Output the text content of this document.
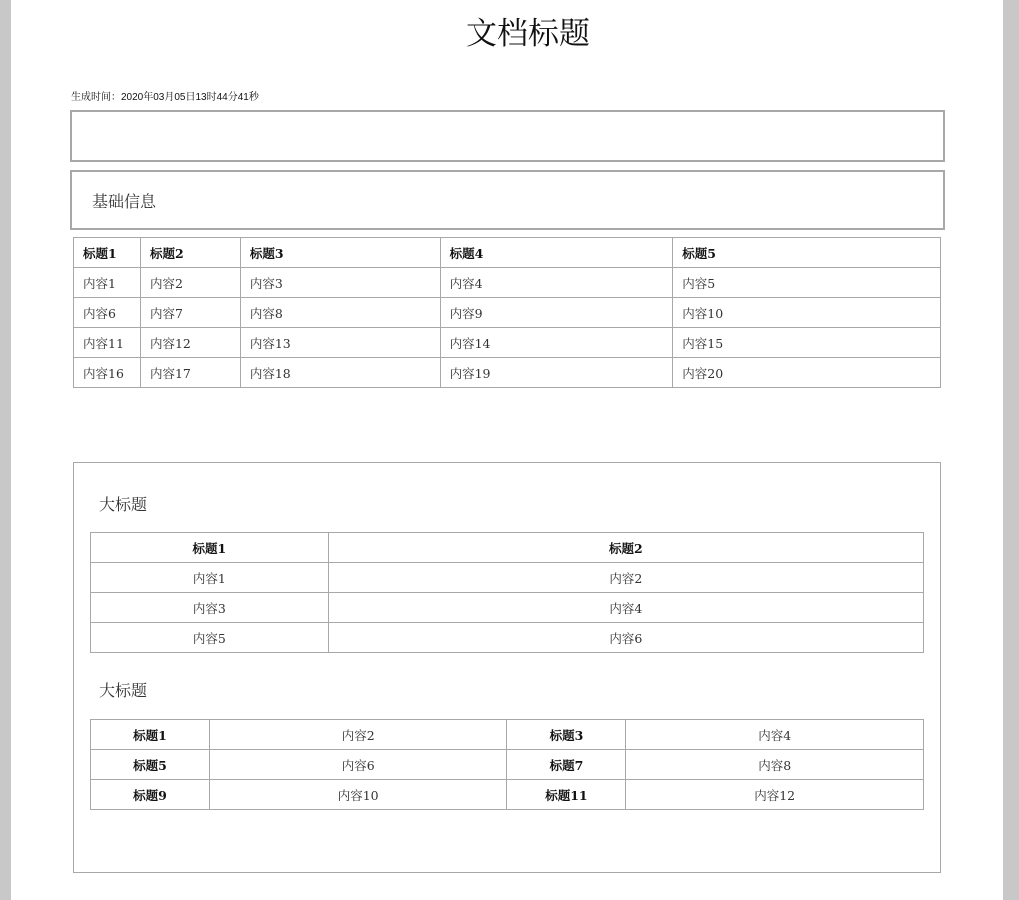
文档标题
生成时间：2020年03月05日13时44分41秒
基础信息
标题1	标题2	标题3	标题4	标题5
内容1	内容2	内容3	内容4	内容5
内容6	内容7	内容8	内容9	内容10
内容11	内容12	内容13	内容14	内容15
内容16	内容17	内容18	内容19	内容20
大标题
标题1	标题2
内容1	内容2
内容3	内容4
内容5	内容6
大标题
标题1	内容2	标题3	内容4
标题5	内容6	标题7	内容8
标题9	内容10	标题11	内容12
